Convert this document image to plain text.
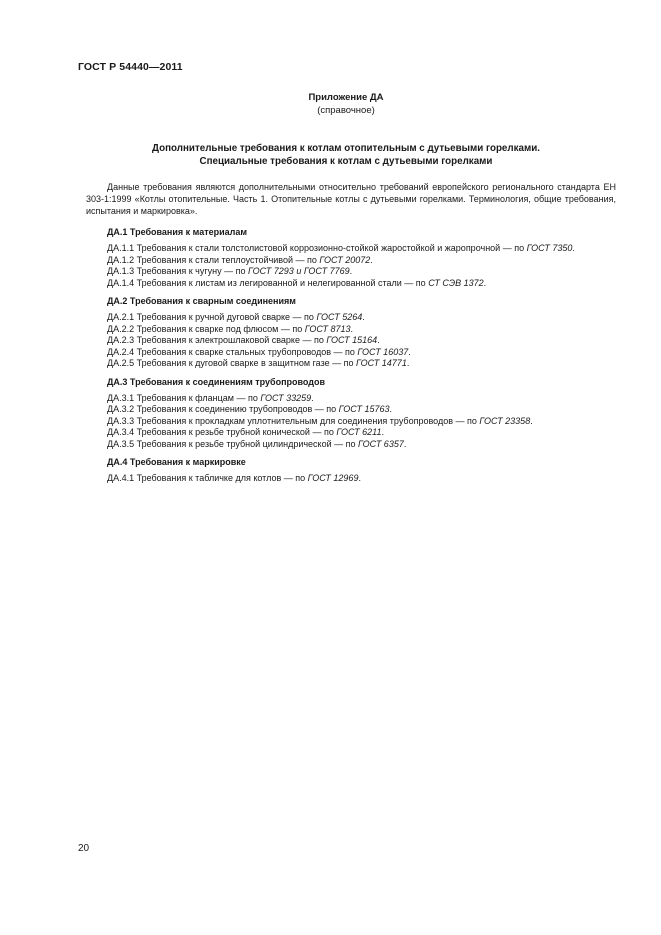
ГОСТ Р 54440—2011
Приложение ДА
(справочное)
Дополнительные требования к котлам отопительным с дутьевыми горелками.
Специальные требования к котлам с дутьевыми горелками

Данные требования являются дополнительными относительно требований европейского регионального стандарта ЕН 303-1:1999 «Котлы отопительные. Часть 1. Отопительные котлы с дутьевыми горелками. Терминология, общие требования, испытания и маркировка».

ДА.1 Требования к материалам
ДА.1.1 Требования к стали толстолистовой коррозионно-стойкой жаростойкой и жаропрочной — по ГОСТ 7350.
ДА.1.2 Требования к стали теплоустойчивой — по ГОСТ 20072.
ДА.1.3 Требования к чугуну — по ГОСТ 7293 и ГОСТ 7769.
ДА.1.4 Требования к листам из легированной и нелегированной стали — по СТ СЭВ 1372.
ДА.2 Требования к сварным соединениям
ДА.2.1 Требования к ручной дуговой сварке — по ГОСТ 5264.
ДА.2.2 Требования к сварке под флюсом — по ГОСТ 8713.
ДА.2.3 Требования к электрошлаковой сварке — по ГОСТ 15164.
ДА.2.4 Требования к сварке стальных трубопроводов — по ГОСТ 16037.
ДА.2.5 Требования к дуговой сварке в защитном газе — по ГОСТ 14771.
ДА.3 Требования к соединениям трубопроводов
ДА.3.1 Требования к фланцам — по ГОСТ 33259.
ДА.3.2 Требования к соединению трубопроводов — по ГОСТ 15763.
ДА.3.3 Требования к прокладкам уплотнительным для соединения трубопроводов — по ГОСТ 23358.
ДА.3.4 Требования к резьбе трубной конической — по ГОСТ 6211.
ДА.3.5 Требования к резьбе трубной цилиндрической — по ГОСТ 6357.
ДА.4 Требования к маркировке
ДА.4.1 Требования к табличке для котлов — по ГОСТ 12969.
20
